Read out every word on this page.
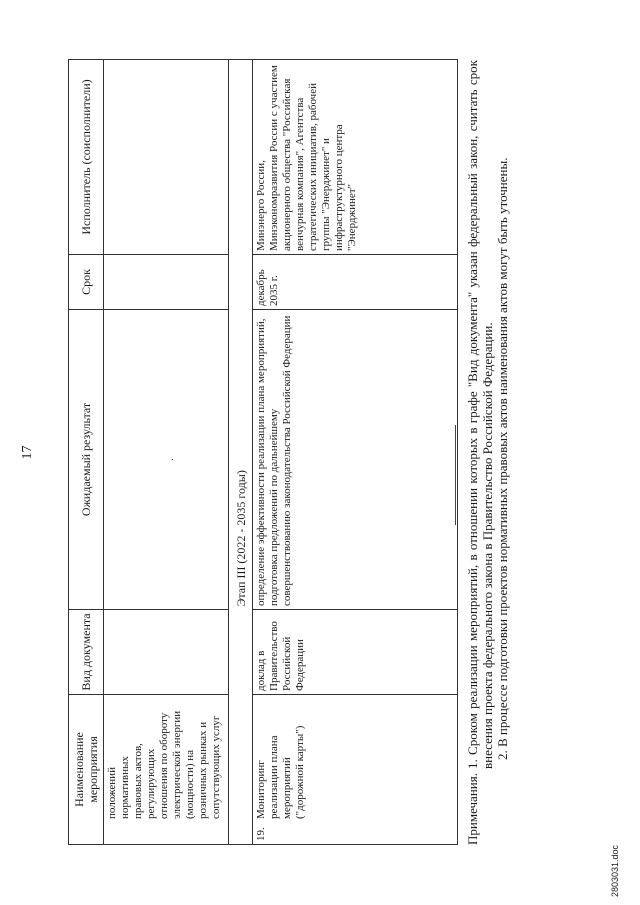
17
Наименование мероприятия	Вид документа	Ожидаемый результат	Срок	Исполнитель (соисполнители)
положений нормативных правовых актов, регулирующих отношения по обороту электрической энергии (мощности) на розничных рынках и сопутствующих услуг		.		
		Этап III (2022 - 2035 годы)		
19.Мониторинг реализации плана мероприятий ("дорожной карты")	доклад в Правительство Российской Федерации	определение эффективности реализации плана мероприятий, подготовка предложений по дальнейшему совершенствованию законодательства Российской Федерации	декабрь 2035 г.	Минэнерго России, Минэкономразвития России с участием акционерного общества "Российская венчурная компания", Агентства стратегических инициатив, рабочей группы "Энерджинет" и инфраструктурного центра "Энерджинет"
Примечания.
1. Сроком реализации мероприятий, в отношении которых в графе "Вид документа" указан федеральный закон, считать срок внесения проекта федерального закона в Правительство Российской Федерации. 2. В процессе подготовки проектов нормативных правовых актов наименования актов могут быть уточнены.
2803031.doc
